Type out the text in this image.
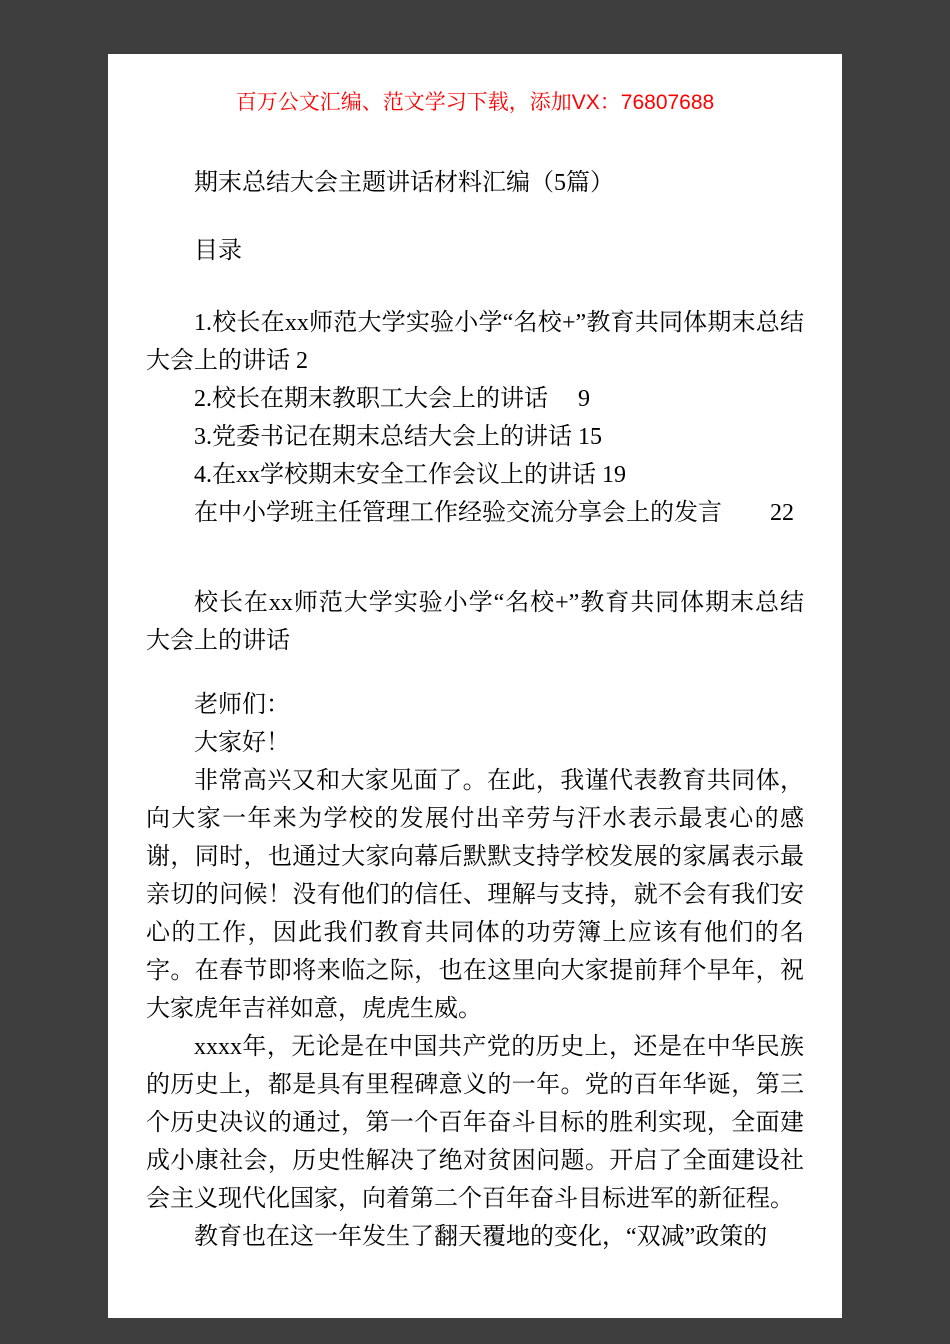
百万公文汇编、范文学习下载，添加VX：76807688

期末总结大会主题讲话材料汇编（5篇）

目录

1.校长在xx师范大学实验小学“名校+”教育共同体期末总结大会上的讲话 2

2.校长在期末教职工大会上的讲话　 9

3.党委书记在期末总结大会上的讲话 15

4.在xx学校期末安全工作会议上的讲话 19

在中小学班主任管理工作经验交流分享会上的发言　　22

校长在xx师范大学实验小学“名校+”教育共同体期末总结大会上的讲话

老师们：

大家好！

非常高兴又和大家见面了。在此，我谨代表教育共同体，向大家一年来为学校的发展付出辛劳与汗水表示最衷心的感谢，同时，也通过大家向幕后默默支持学校发展的家属表示最亲切的问候！没有他们的信任、理解与支持，就不会有我们安心的工作，因此我们教育共同体的功劳簿上应该有他们的名字。在春节即将来临之际，也在这里向大家提前拜个早年，祝大家虎年吉祥如意，虎虎生威。

xxxx年，无论是在中国共产党的历史上，还是在中华民族的历史上，都是具有里程碑意义的一年。党的百年华诞，第三个历史决议的通过，第一个百年奋斗目标的胜利实现，全面建成小康社会，历史性解决了绝对贫困问题。开启了全面建设社会主义现代化国家，向着第二个百年奋斗目标进军的新征程。

教育也在这一年发生了翻天覆地的变化，“双减”政策的
